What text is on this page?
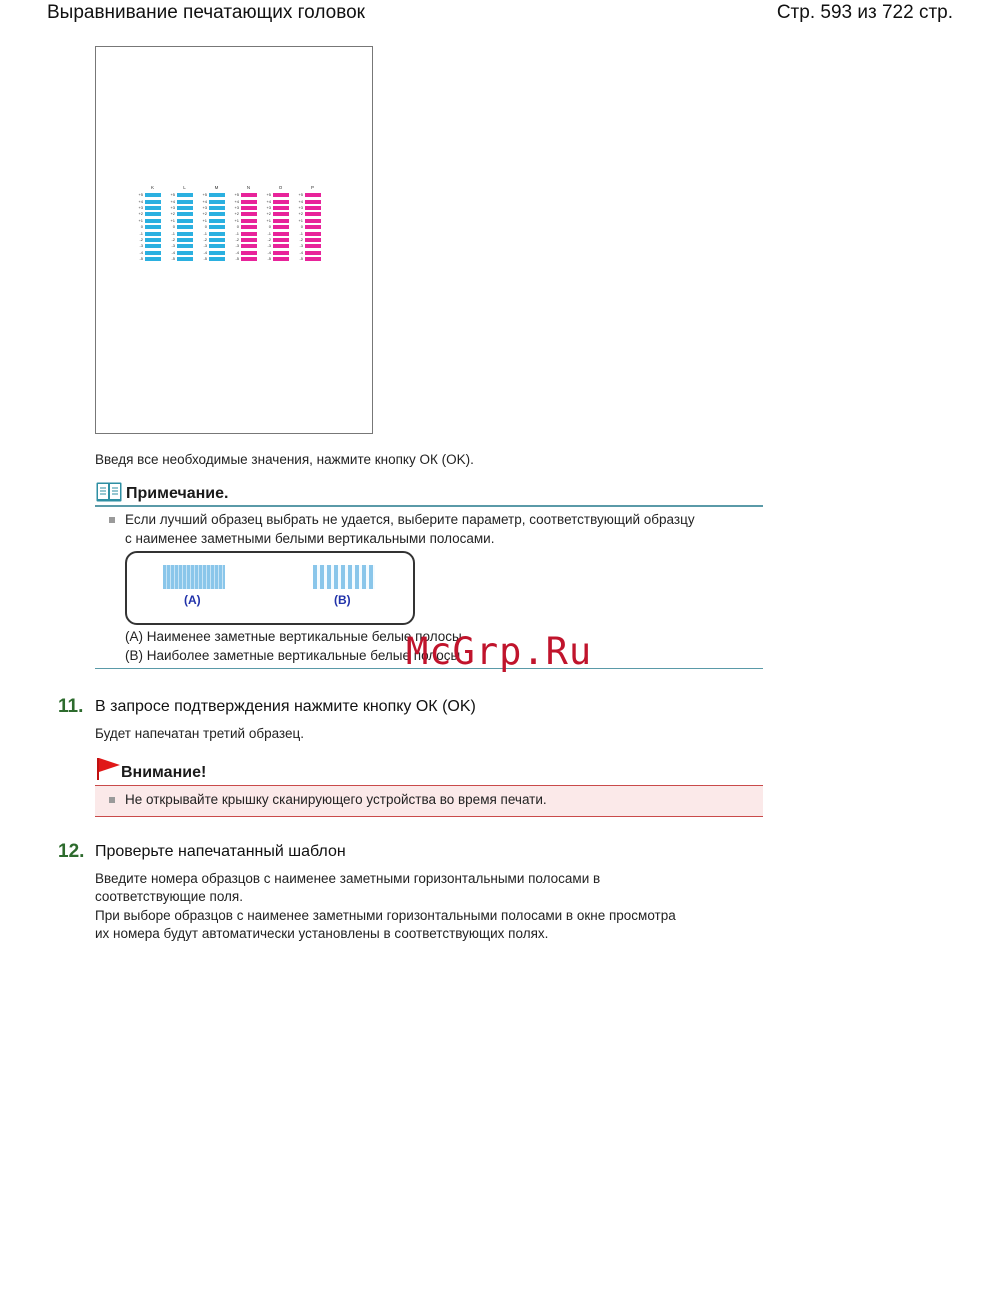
Выравнивание печатающих головок	Стр. 593 из 722 стр.
K
+5
+4
+3
+2
+1
0
-1
-2
-3
-4
-5
L
+5
+4
+3
+2
+1
0
-1
-2
-3
-4
-5
M
+5
+4
+3
+2
+1
0
-1
-2
-3
-4
-5
N
+5
+4
+3
+2
+1
0
-1
-2
-3
-4
-5
O
+5
+4
+3
+2
+1
0
-1
-2
-3
-4
-5
P
+5
+4
+3
+2
+1
0
-1
-2
-3
-4
-5
Введя все необходимые значения, нажмите кнопку ОК (OK).
Примечание.
Если лучший образец выбрать не удается, выберите параметр, соответствующий образцу
с наименее заметными белыми вертикальными полосами.
(A)	(B)
(A) Наименее заметные вертикальные белые полосы
(B) Наиболее заметные вертикальные белые полосы
McGrp.Ru
11. В запросе подтверждения нажмите кнопку ОК (OK)
Будет напечатан третий образец.
Внимание!
Не открывайте крышку сканирующего устройства во время печати.
12. Проверьте напечатанный шаблон
Введите номера образцов с наименее заметными горизонтальными полосами в
соответствующие поля.
При выборе образцов с наименее заметными горизонтальными полосами в окне просмотра
их номера будут автоматически установлены в соответствующих полях.
